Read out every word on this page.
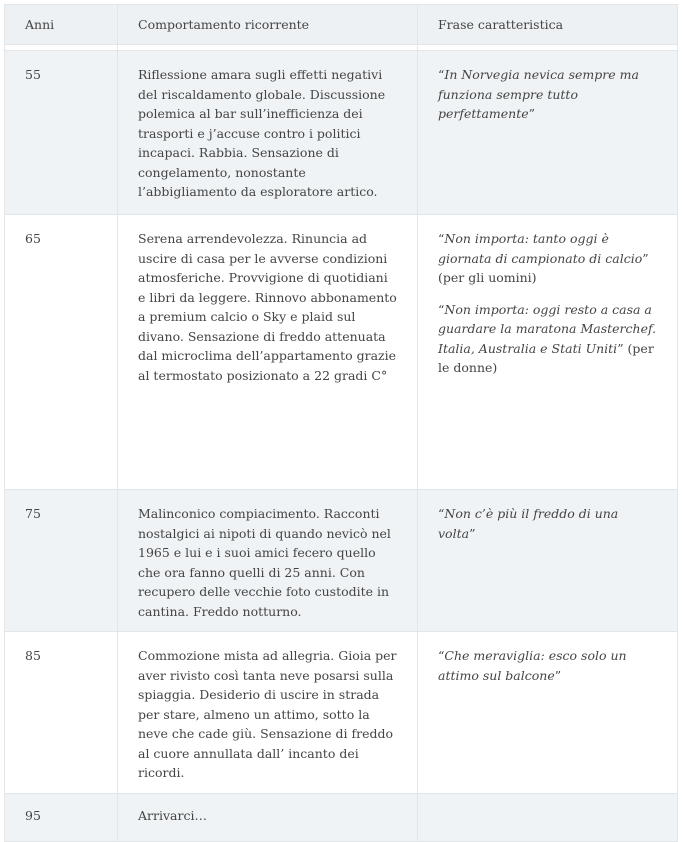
Anni	Comportamento ricorrente	Frase caratteristica

55	Riflessione amara sugli effetti negativi del riscaldamento globale. Discussione polemica al bar sull’inefficienza dei trasporti e j’accuse contro i politici incapaci. Rabbia. Sensazione di congelamento, nonostante l’abbigliamento da esploratore artico.	“In Norvegia nevica sempre ma funziona sempre tutto perfettamente”

65	Serena arrendevolezza. Rinuncia ad uscire di casa per le avverse condizioni atmosferiche. Provvigione di quotidiani e libri da leggere. Rinnovo abbonamento a premium calcio o Sky e plaid sul divano. Sensazione di freddo attenuata dal microclima dell’appartamento grazie al termostato posizionato a 22 gradi C°	“Non importa: tanto oggi è giornata di campionato di calcio” (per gli uomini)

“Non importa: oggi resto a casa a guardare la maratona Masterchef. Italia, Australia e Stati Uniti” (per le donne)

75	Malinconico compiacimento. Racconti nostalgici ai nipoti di quando nevicò nel 1965 e lui e i suoi amici fecero quello che ora fanno quelli di 25 anni. Con recupero delle vecchie foto custodite in cantina. Freddo notturno.	“Non c’è più il freddo di una volta”

85	Commozione mista ad allegria. Gioia per aver rivisto così tanta neve posarsi sulla spiaggia. Desiderio di uscire in strada per stare, almeno un attimo, sotto la neve che cade giù. Sensazione di freddo al cuore annullata dall’ incanto dei ricordi.	“Che meraviglia: esco solo un attimo sul balcone”

95	Arrivarci…	
